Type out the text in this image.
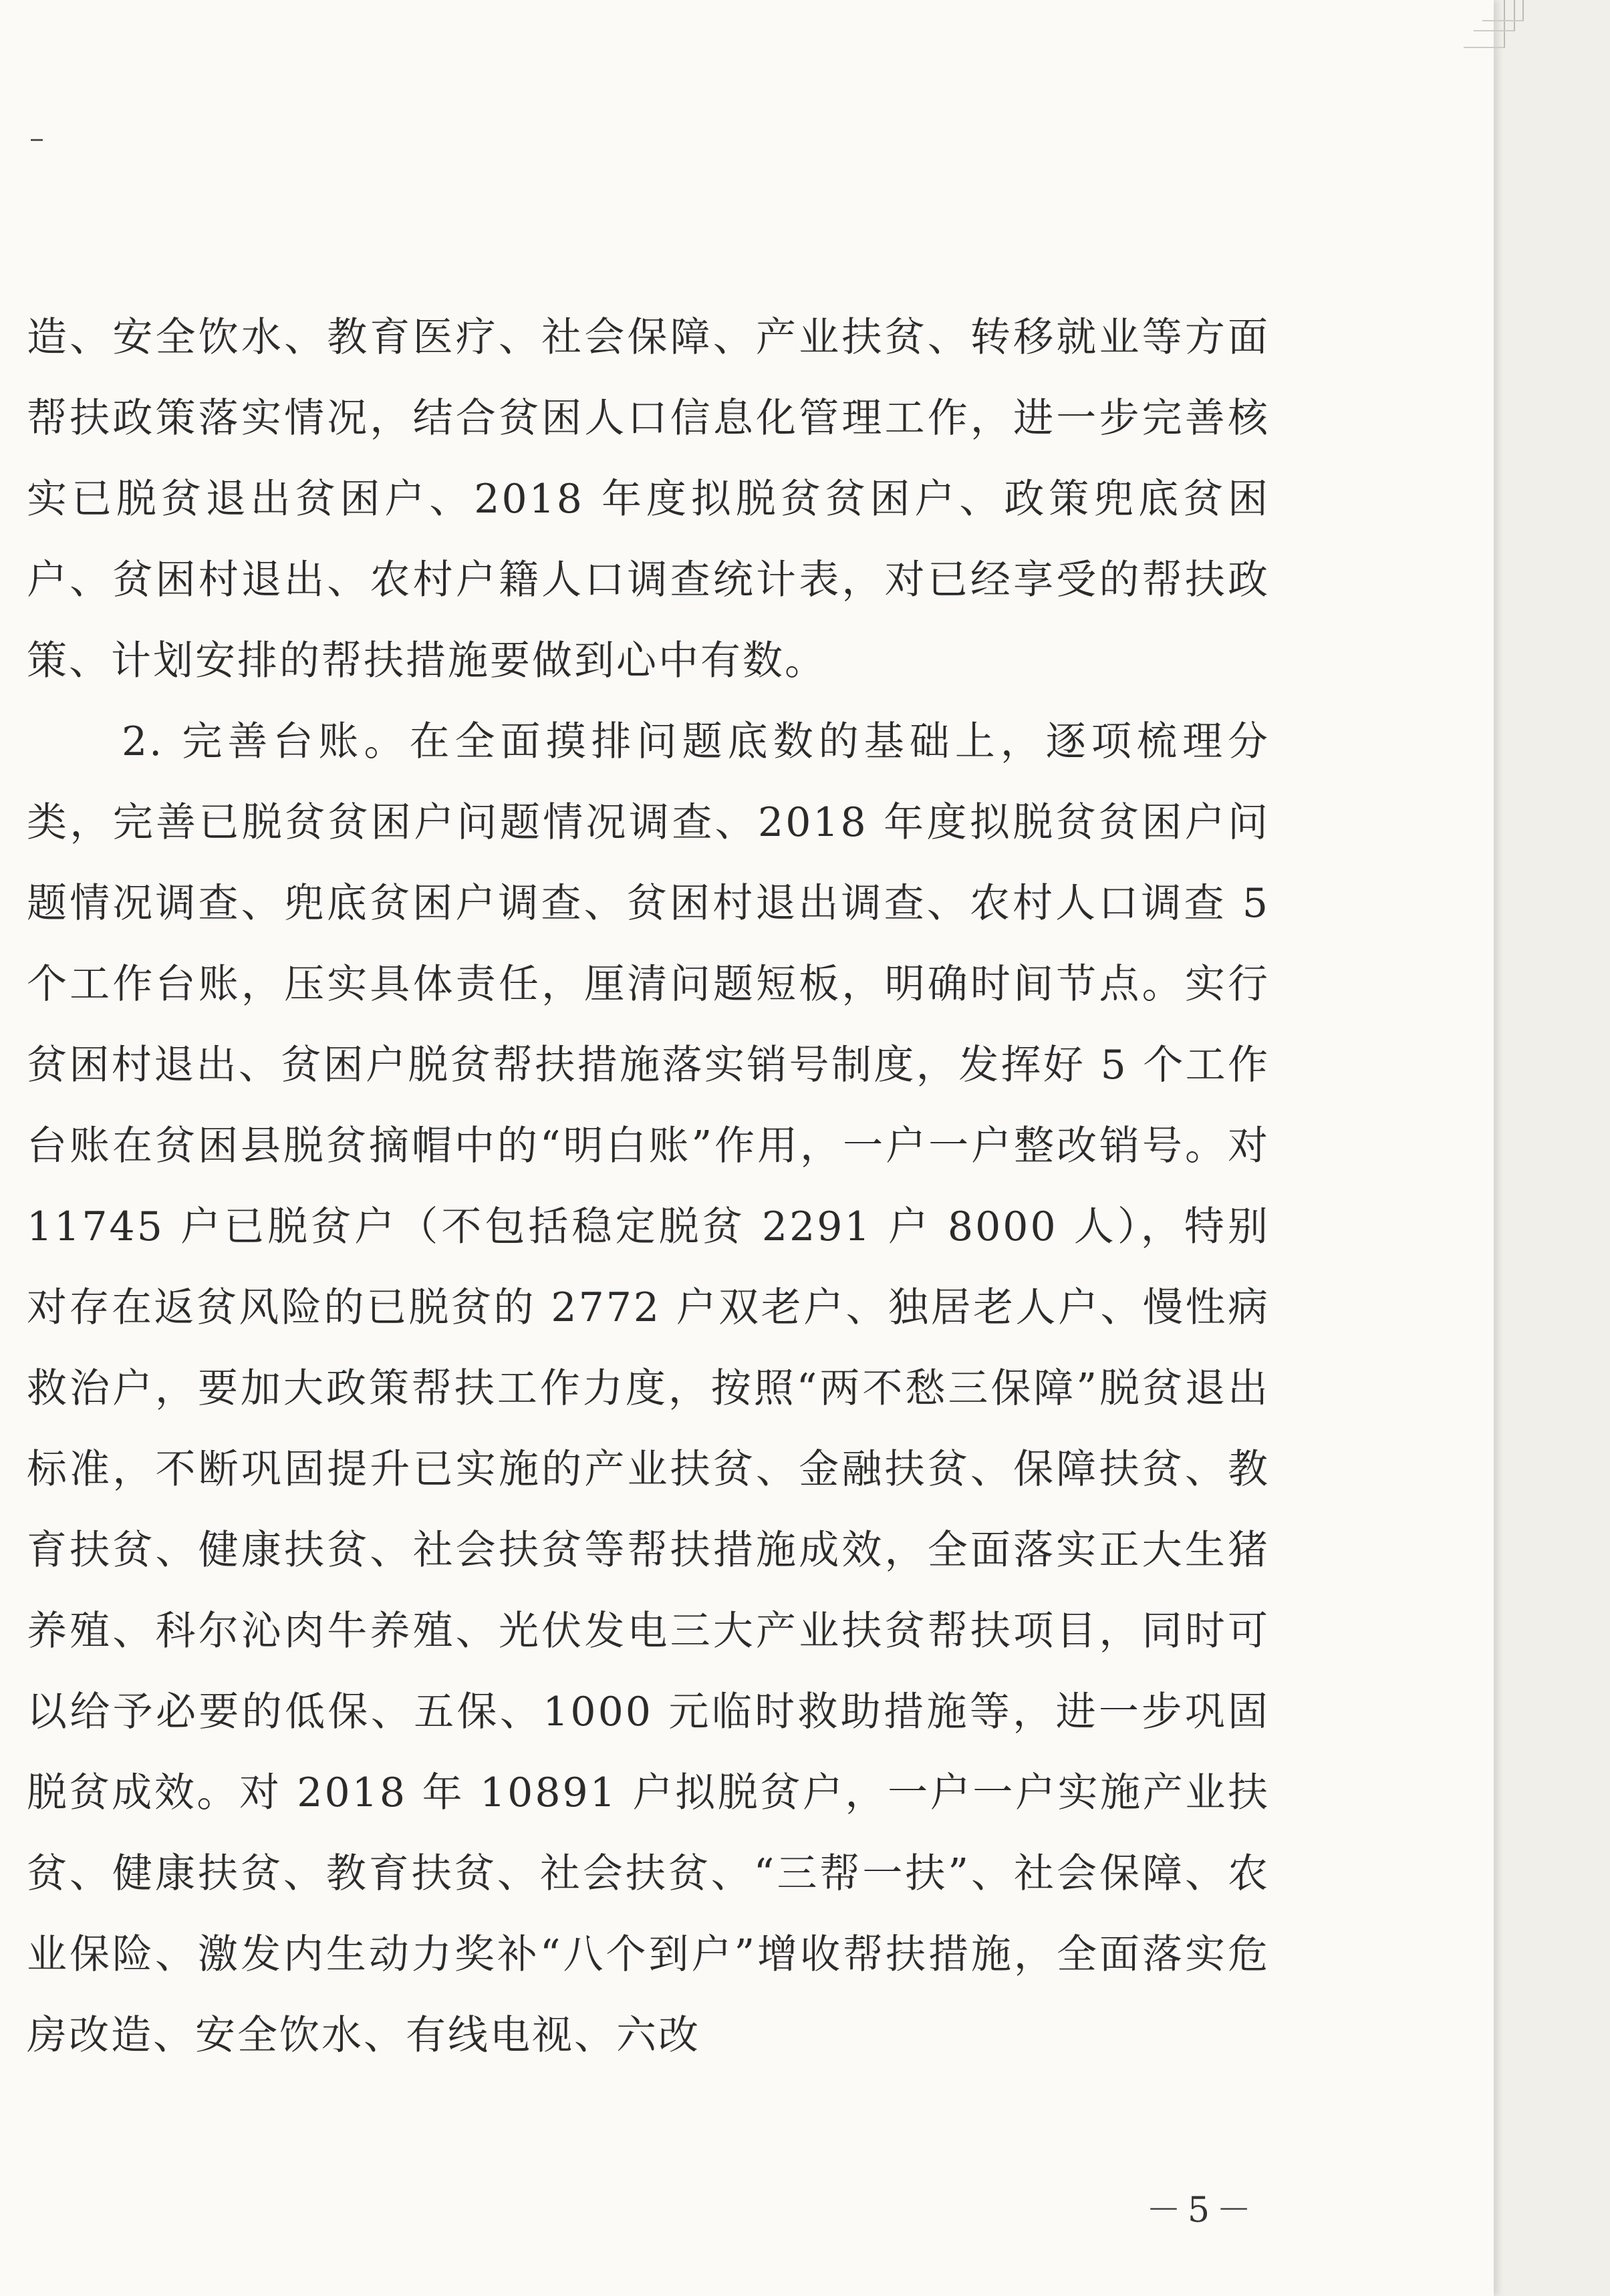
造、安全饮水、教育医疗、社会保障、产业扶贫、转移就业等方面帮扶政策落实情况，结合贫困人口信息化管理工作，进一步完善核实已脱贫退出贫困户、2018 年度拟脱贫贫困户、政策兜底贫困户、贫困村退出、农村户籍人口调查统计表，对已经享受的帮扶政策、计划安排的帮扶措施要做到心中有数。

2. 完善台账。在全面摸排问题底数的基础上，逐项梳理分类，完善已脱贫贫困户问题情况调查、2018 年度拟脱贫贫困户问题情况调查、兜底贫困户调查、贫困村退出调查、农村人口调查 5 个工作台账，压实具体责任，厘清问题短板，明确时间节点。实行贫困村退出、贫困户脱贫帮扶措施落实销号制度，发挥好 5 个工作台账在贫困县脱贫摘帽中的“明白账”作用，一户一户整改销号。对 11745 户已脱贫户（不包括稳定脱贫 2291 户 8000 人），特别对存在返贫风险的已脱贫的 2772 户双老户、独居老人户、慢性病救治户，要加大政策帮扶工作力度，按照“两不愁三保障”脱贫退出标准，不断巩固提升已实施的产业扶贫、金融扶贫、保障扶贫、教育扶贫、健康扶贫、社会扶贫等帮扶措施成效，全面落实正大生猪养殖、科尔沁肉牛养殖、光伏发电三大产业扶贫帮扶项目，同时可以给予必要的低保、五保、1000 元临时救助措施等，进一步巩固脱贫成效。对 2018 年 10891 户拟脱贫户，一户一户实施产业扶贫、健康扶贫、教育扶贫、社会扶贫、“三帮一扶”、社会保障、农业保险、激发内生动力奖补“八个到户”增收帮扶措施，全面落实危房改造、安全饮水、有线电视、六改

－5－
